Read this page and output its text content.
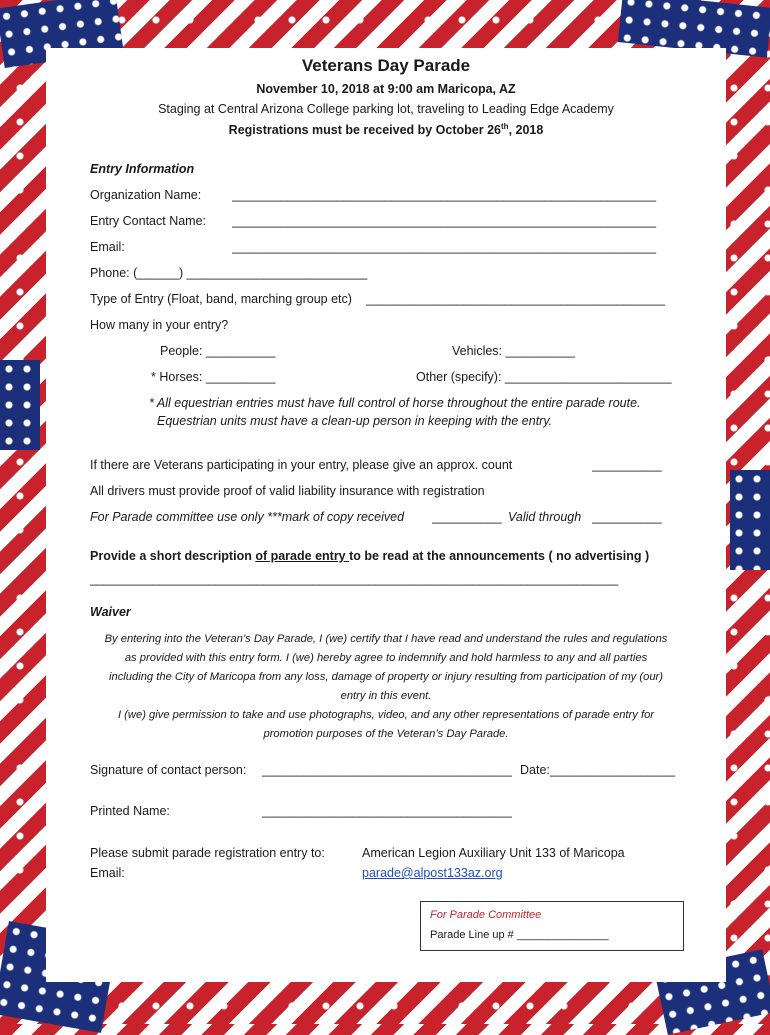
Veterans Day Parade
November 10, 2018 at 9:00 am Maricopa, AZ
Staging at Central Arizona College parking lot, traveling to Leading Edge Academy
Registrations must be received by October 26th, 2018
Entry Information
Organization Name: _____________________________________________________________
Entry Contact Name: _____________________________________________________________
Email:	_____________________________________________________________
Phone: (______) __________________________
Type of Entry (Float, band, marching group etc) ___________________________________________
How many in your entry?
People: __________	Vehicles: __________
* Horses: __________	Other (specify): ________________________
* All equestrian entries must have full control of horse throughout the entire parade route.
Equestrian units must have a clean-up person in keeping with the entry.
If there are Veterans participating in your entry, please give an approx. count	__________
All drivers must provide proof of valid liability insurance with registration
For Parade committee use only ***mark of copy received __________ Valid through __________
Provide a short description of parade entry to be read at the announcements ( no advertising )
____________________________________________________________________________
Waiver
By entering into the Veteran’s Day Parade, I (we) certify that I have read and understand the rules and regulations
as provided with this entry form. I (we) hereby agree to indemnify and hold harmless to any and all parties
including the City of Maricopa from any loss, damage of property or injury resulting from participation of my (our)
entry in this event.
I (we) give permission to take and use photographs, video, and any other representations of parade entry for
promotion purposes of the Veteran’s Day Parade.
Signature of contact person: ____________________________________ Date:__________________
Printed Name:	____________________________________
Please submit parade registration entry to:	American Legion Auxiliary Unit 133 of Maricopa
Email:	parade@alpost133az.org
For Parade Committee
Parade Line up # _______________
